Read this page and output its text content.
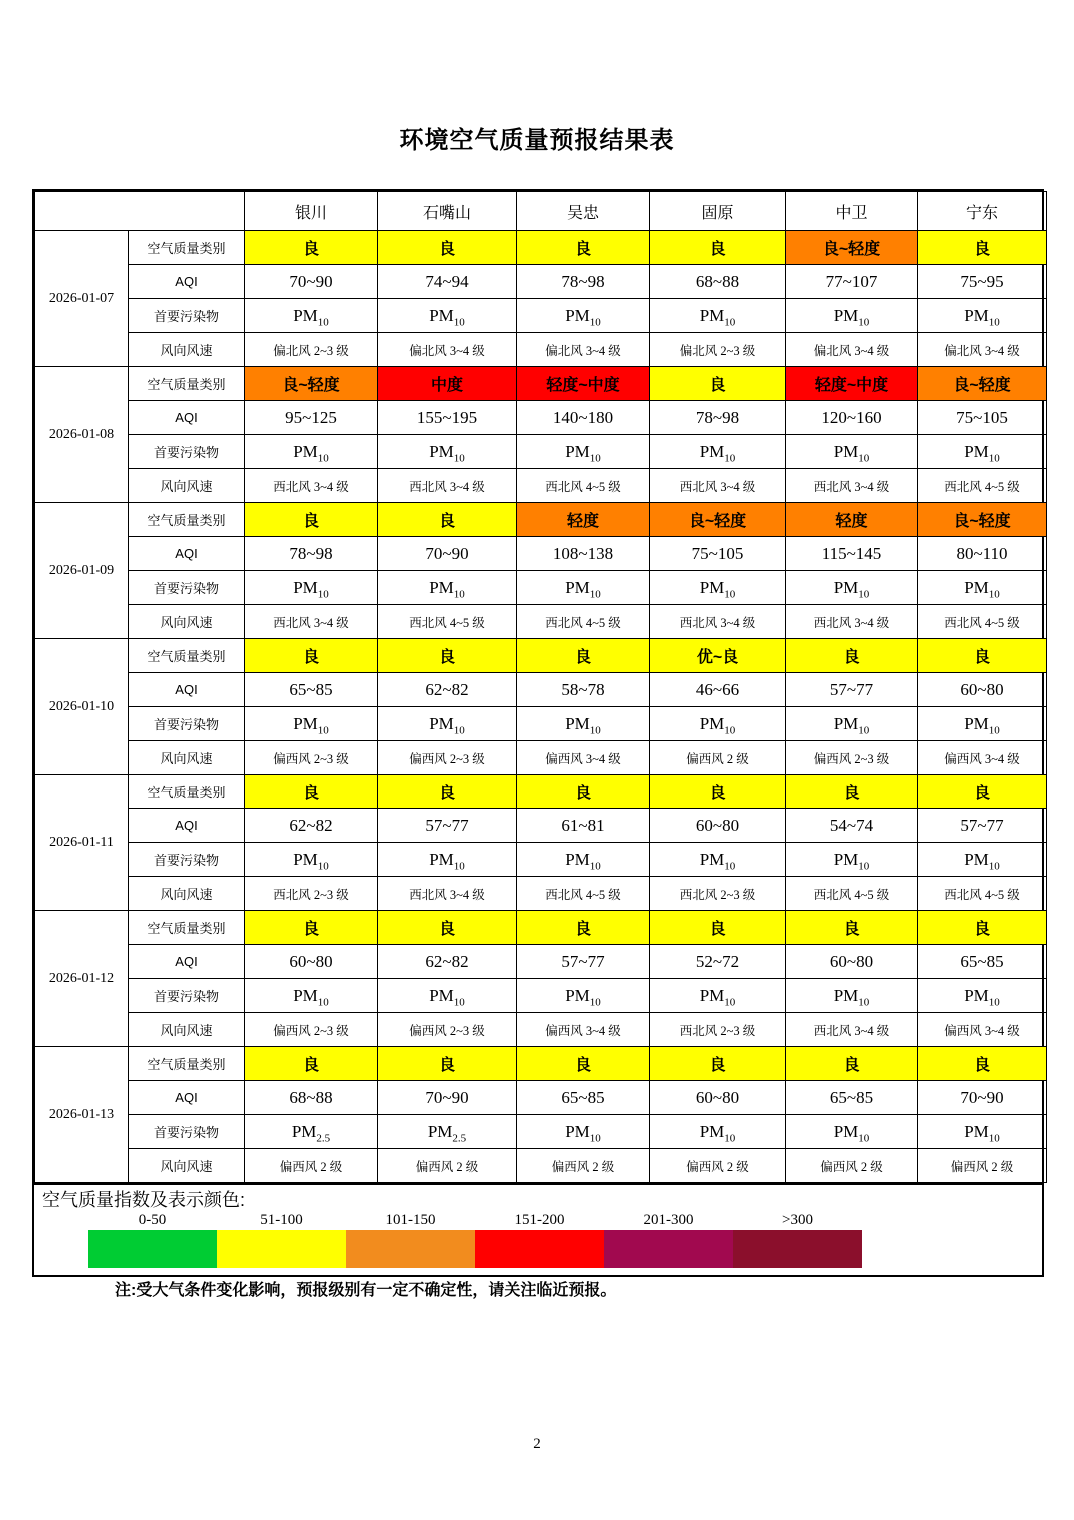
环境空气质量预报结果表
		银川	石嘴山	吴忠	固原	中卫	宁东
2026-01-07	空气质量类别	良	良	良	良	良~轻度	良
	AQI	70~90	74~94	78~98	68~88	77~107	75~95
	首要污染物	$PM_{10}$	$PM_{10}$	$PM_{10}$	$PM_{10}$	$PM_{10}$	$PM_{10}$
	风向风速	偏北风 2~3 级	偏北风 3~4 级	偏北风 3~4 级	偏北风 2~3 级	偏北风 3~4 级	偏北风 3~4 级
2026-01-08	空气质量类别	良~轻度	中度	轻度~中度	良	轻度~中度	良~轻度
	AQI	95~125	155~195	140~180	78~98	120~160	75~105
	首要污染物	$PM_{10}$	$PM_{10}$	$PM_{10}$	$PM_{10}$	$PM_{10}$	$PM_{10}$
	风向风速	西北风 3~4 级	西北风 3~4 级	西北风 4~5 级	西北风 3~4 级	西北风 3~4 级	西北风 4~5 级
2026-01-09	空气质量类别	良	良	轻度	良~轻度	轻度	良~轻度
	AQI	78~98	70~90	108~138	75~105	115~145	80~110
	首要污染物	$PM_{10}$	$PM_{10}$	$PM_{10}$	$PM_{10}$	$PM_{10}$	$PM_{10}$
	风向风速	西北风 3~4 级	西北风 4~5 级	西北风 4~5 级	西北风 3~4 级	西北风 3~4 级	西北风 4~5 级
2026-01-10	空气质量类别	良	良	良	优~良	良	良
	AQI	65~85	62~82	58~78	46~66	57~77	60~80
	首要污染物	$PM_{10}$	$PM_{10}$	$PM_{10}$	$PM_{10}$	$PM_{10}$	$PM_{10}$
	风向风速	偏西风 2~3 级	偏西风 2~3 级	偏西风 3~4 级	偏西风 2 级	偏西风 2~3 级	偏西风 3~4 级
2026-01-11	空气质量类别	良	良	良	良	良	良
	AQI	62~82	57~77	61~81	60~80	54~74	57~77
	首要污染物	$PM_{10}$	$PM_{10}$	$PM_{10}$	$PM_{10}$	$PM_{10}$	$PM_{10}$
	风向风速	西北风 2~3 级	西北风 3~4 级	西北风 4~5 级	西北风 2~3 级	西北风 4~5 级	西北风 4~5 级
2026-01-12	空气质量类别	良	良	良	良	良	良
	AQI	60~80	62~82	57~77	52~72	60~80	65~85
	首要污染物	$PM_{10}$	$PM_{10}$	$PM_{10}$	$PM_{10}$	$PM_{10}$	$PM_{10}$
	风向风速	偏西风 2~3 级	偏西风 2~3 级	偏西风 3~4 级	西北风 2~3 级	西北风 3~4 级	偏西风 3~4 级
2026-01-13	空气质量类别	良	良	良	良	良	良
	AQI	68~88	70~90	65~85	60~80	65~85	70~90
	首要污染物	$PM_{2.5}$	$PM_{2.5}$	$PM_{10}$	$PM_{10}$	$PM_{10}$	$PM_{10}$
	风向风速	偏西风 2 级	偏西风 2 级	偏西风 2 级	偏西风 2 级	偏西风 2 级	偏西风 2 级
空气质量指数及表示颜色:
0-50	51-100	101-150	151-200	201-300	>300
注:受大气条件变化影响，预报级别有一定不确定性，请关注临近预报。
2
